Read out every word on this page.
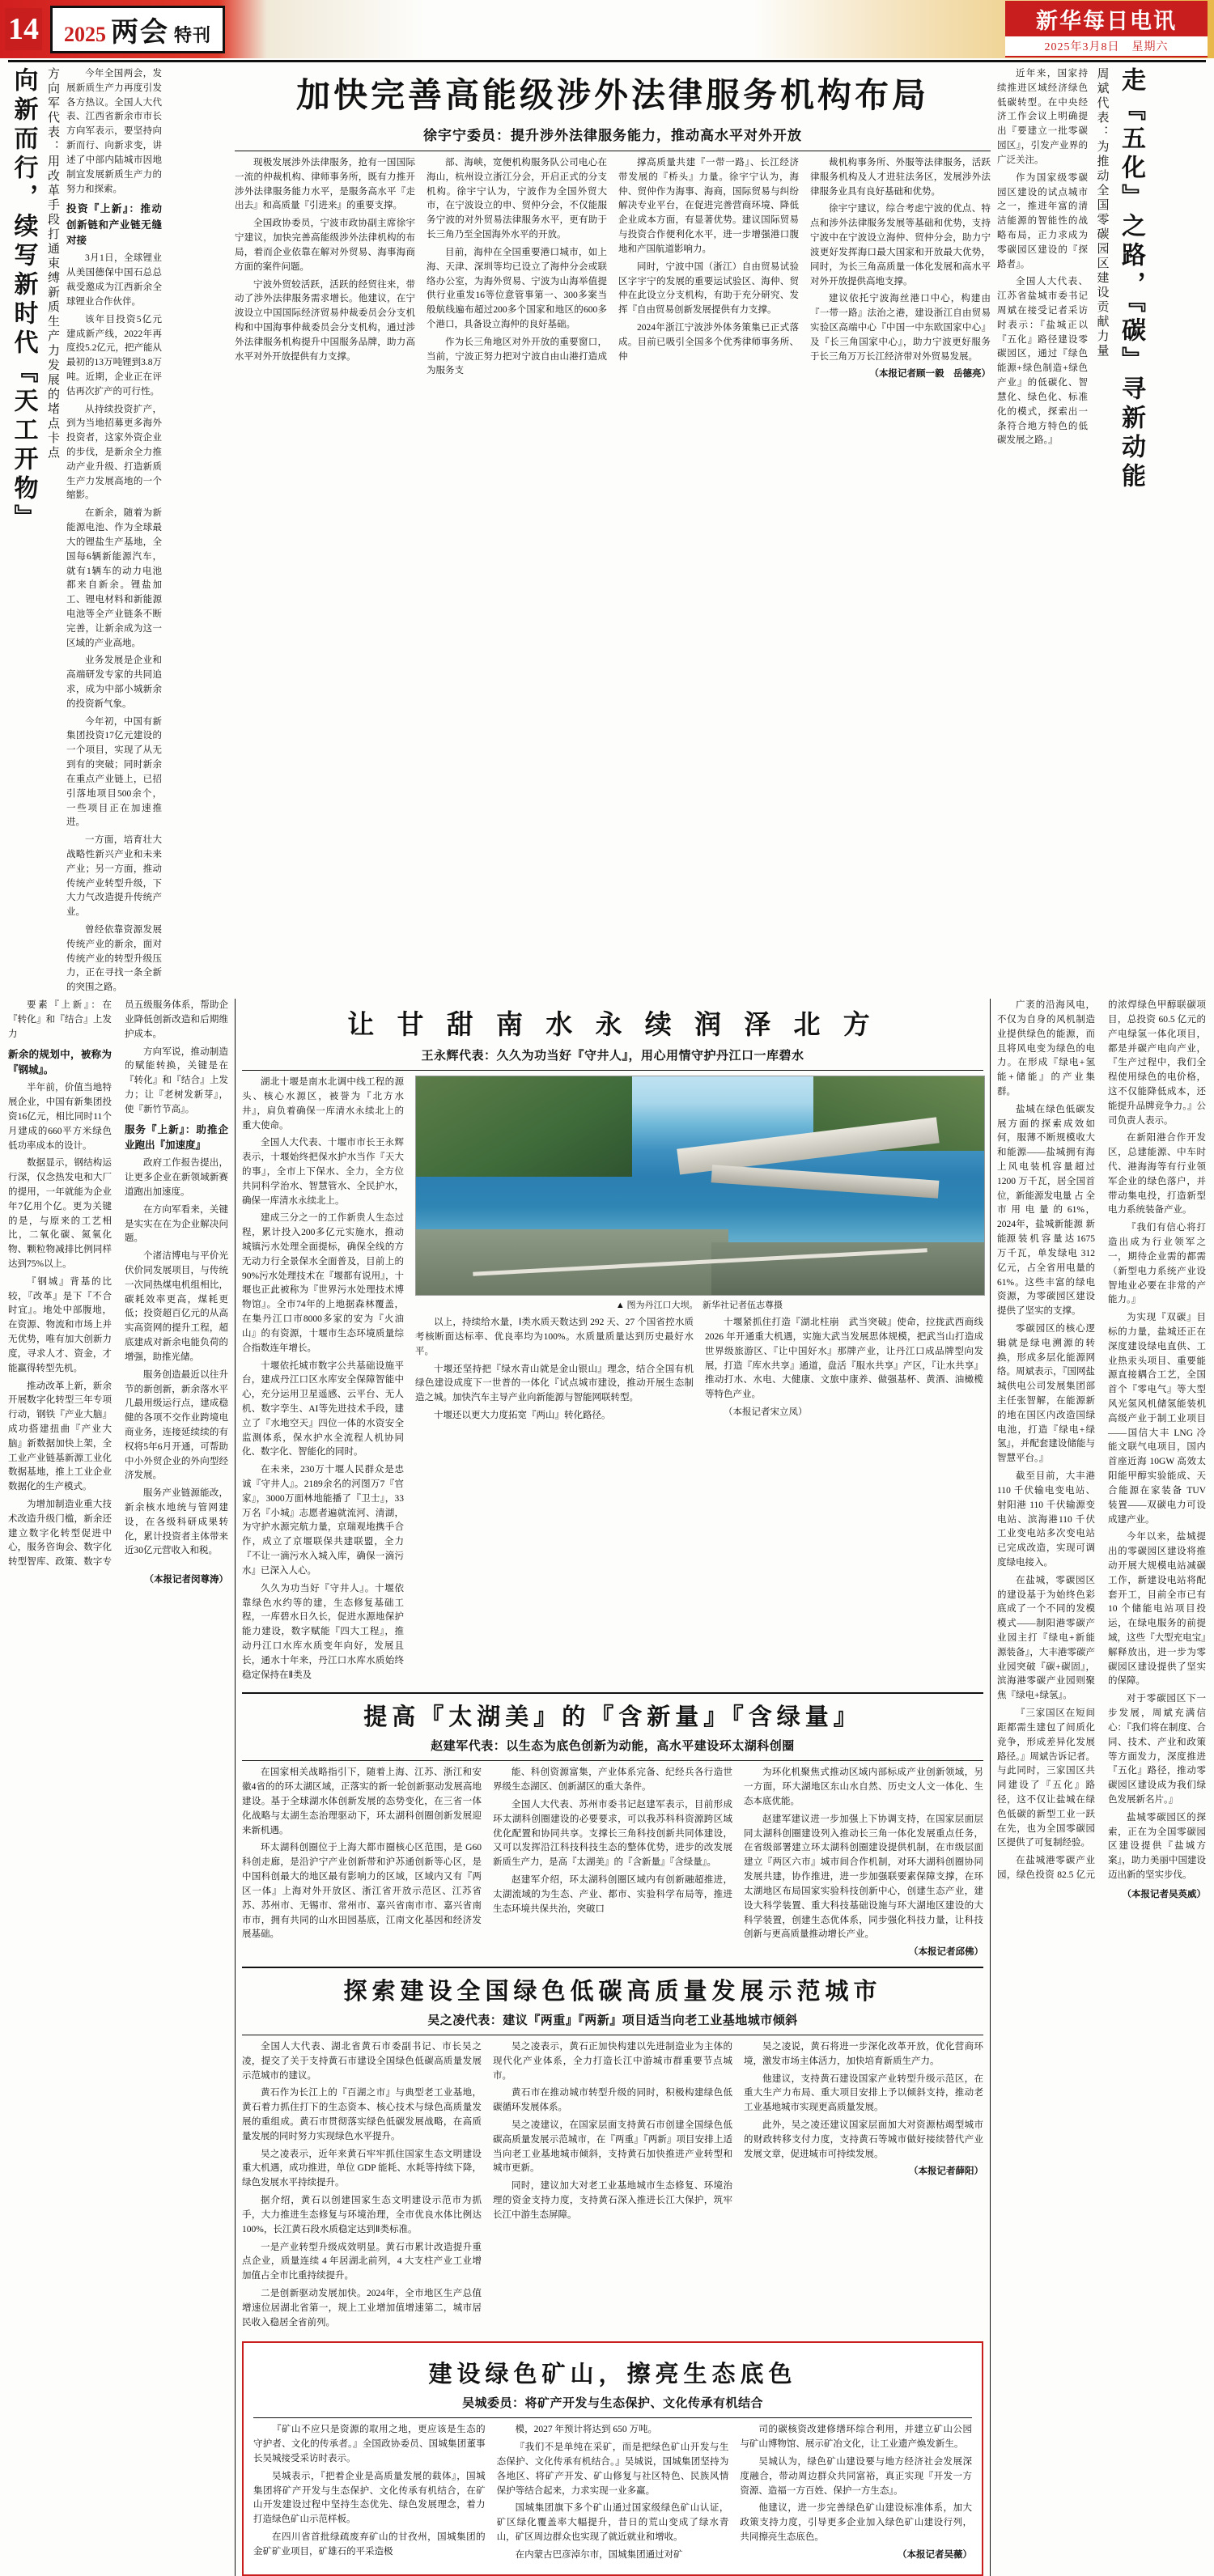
14 2025 两会 特刊
新华每日电讯
2025年3月8日　星期六
向新而行，续写新时代『天工开物』 方向军代表：用改革手段打通束缚新质生产力发展的堵点卡点	今年全国两会，发展新质生产力再度引发各方热议。全国人大代表、江西省新余市市长方向军表示，要坚持向新而行、向新求变，讲述了中部内陆城市因地制宜发展新质生产力的努力和探索。

投资『上新』：推动创新链和产业链无缝对接

3月1日，全球锂业从美国德保中国石总总裁受邀成为江西新余全球锂业合作伙伴。

该年目投资5亿元建成新产线，2022年再度投5.2亿元，把产能从最初的13万吨锂到3.8万吨。近期，企业正在评估再次扩产的可行性。

从持续投资扩产，到为当地招募更多海外投资者，这家外资企业的步伐，是新余全力推动产业升级、打造新质生产力发展高地的一个缩影。

在新余，随着为新能源电池、作为全球最大的锂盐生产基地，全国每6辆新能源汽车，就有1辆车的动力电池都来自新余。锂盐加工、锂电材料和新能源电池等全产业链条不断完善，让新余成为这一区域的产业高地。

业务发展是企业和高端研发专家的共同追求，成为中部小城新余的投资新气象。

今年初，中国有新集团投资17亿元建设的一个项目，实现了从无到有的突破；同时新余在重点产业链上，已招引落地项目500余个，一些项目正在加速推进。

一方面，培育壮大战略性新兴产业和未来产业；另一方面，推动传统产业转型升级，下大力气改造提升传统产业。

曾经依靠资源发展传统产业的新余，面对传统产业的转型升级压力，正在寻找一条全新的突围之路。

加快完善高能级涉外法律服务机构布局
徐宇宁委员：提升涉外法律服务能力，推动高水平对外开放

现极发展涉外法律服务，抢有一国国际一流的仲裁机构、律师事务所，既有力推开涉外法律服务能力水平，是服务高水平『走出去』和高质量『引进来』的重要支撑。

全国政协委员，宁波市政协副主席徐宇宁建议，加快完善高能级涉外法律机构的布局，着而企业依靠在解对外贸易、海事海商方面的案件问题。

宁波外贸较活跃，活跃的经贸往来，带动了涉外法律服务需求增长。他建议，在宁波设立中国国际经济贸易仲裁委员会分支机构和中国海事仲裁委员会分支机构，通过涉外法律服务机构提升中国服务品牌，助力高水平对外开放提供有力支撑。

部、海峡，宽便机构服务队公司电心在海山，杭州设立浙江分会，开启正式的分支机构。徐宇宁认为，宁波作为全国外贸大市，在宁波设立的申、贸仲分会，不仅能服务宁波的对外贸易法律服务水平，更有助于长三角乃至全国海外水平的开放。

目前，海仲在全国重要港口城市，如上海、天津、深圳等均已设立了海仲分会或联络办公室，为海外贸易、宁波为山海举值提供行业重发16等位意管事第一、300多案当般航线遍布超过200多个国家和地区的600多个港口，具备设立海仲的良好基础。

作为长三角地区对外开放的重要窗口，当前，宁波正努力把对宁波自由山港打造成为服务支

撑高质量共建『一带一路』、长江经济带发展的『桥头』力量。徐宇宁认为，海仲、贸仲作为海事、海商，国际贸易与纠纷解决专业平台，在促进完善营商环境、降低企业成本方面，有显著优势。建议国际贸易与投资合作便利化水平，进一步增强港口腹地和产国航道影响力。

同时，宁波中国（浙江）自由贸易试验区字宇宁的发展的重要运试验区、海仲、贸仲在此设立分支机构，有助于充分研究、发挥『自由贸易创新发展提供有力支撑。

2024年浙江宁波涉外体务策集已正式落成。目前已吸引全国多个优秀律师事务所、仲

裁机构事务所、外服等法律服务，活跃律服务机构及人才进驻法务区，发展涉外法律服务业具有良好基础和优势。

徐宇宁建议，综合考虑宁波的优点、特点和涉外法律服务发展等基础和优势，支持宁波中在宁波设立海仲、贸仲分会，助力宁波更好发挥海口最大国家和开放最大优势，同时，为长三角高质量一体化发展和高水平对外开放提供高地支撑。

建议依托宁波海丝港口中心，构建由『一带一路』法治之港，建设浙江自由贸易实验区高端中心『中国一中东欧国家中心』及『长三角国家中心』，助力宁波更好服务于长三角万万长江经济带对外贸易发展。

（本报记者顾一毅　岳德亮）

近年来，国家持续推进区域经济绿色低碳转型。在中央经济工作会议上明确提出『要建立一批零碳园区』，引发产业界的广泛关注。

作为国家级零碳园区建设的试点城市之一，推进年富的清洁能源的智能性的战略布局，正力求成为零碳园区建设的『探路者』。

全国人大代表、江苏省盐城市委书记周斌在接受记者采访时表示：『盐城正以『五化』路径建设零碳园区，通过『绿色能源+绿色制造+绿色产业』的低碳化、智慧化、绿色化、标准化的模式，探索出一条符合地方特色的低碳发展之路。』

周斌代表：为推动全国零碳园区建设贡献力量 走『五化』之路，『碳』寻新动能

要素『上新』：在『转化』和『结合』上发力

新余的规划中，被称为『钢城』。

半年前，价值当地特展企业，中国有新集团投资16亿元，相比同时11个月建成的660平方米绿色低功率成本的设计。

数据显示，钢结构运行深，仅念热发电和大厂的提用，一年就能为企业年7亿用个亿。更为关键的是，与原来的工艺相比，二氧化碳、氮氧化物、颗粒物减排比例同样达到75%以上。

『钢城』背基的比较，『改革』是下『不合时宜』。地处中部腹地，在资源、物流和市场上并无优势，唯有加大创新力度，寻求人才、资金，才能赢得转型先机。

推动改革上新，新余开展数字化转型三年专项行动，钢铁『产业大脑』成功搭建扭曲『产业大脑』新数据加快上架，全工业产业链基新源工业化数据基地，推上工业企业数据化的生产模式。

为增加制造业重大技术改造升级门槛，新余还建立数字化转型促进中心，服务咨询会、数字化转型智库、政策、数字专员五级服务体系，帮助企业降低创新改造和后期维护成本。

方向军说，推动制造的赋能转换，关键是在『转化』和『结合』上发力；让『老树发新芽』，使『新竹节高』。

服务『上新』：助推企业跑出『加速度』

政府工作报告提出，让更多企业在新领域新赛道跑出加速度。

在方向军看来，关键是实实在在为企业解决问题。

个渚洁博电与平价光伏价同发展项目，与传统一次同热煤电机组相比，碳耗效率更高，煤耗更低；投资超百亿元的从高实高资网的提升工程，超底建成对新余电能负荷的增强，助推光储。

服务创造最近以往升节的新创新，新余落水平几最用级运行点，建成稳健的各项不交作业跨境电商业务，连接延续续的有权将5年6月开通，可帮助中小外贸企业的外向型经济发展。

服务产业链源能改，新余核水地统与管网建设，在各级科研成果转化，累计投资者主体带来近30亿元营收入和税。

（本报记者闵尊涛）
让 甘 甜 南 水 永 续 润 泽 北 方
王永辉代表：久久为功当好『守井人』，用心用情守护丹江口一库碧水

湖北十堰是南水北调中线工程的源头、核心水源区，被誉为『北方水井』，肩负着确保一库清水永续北上的重大使命。

全国人大代表、十堰市市长王永辉表示，十堰始终把保水护水当作『天大的事』，全市上下保水、全力，全方位共同科学治水、智慧管水、全民护水，确保一库清水永续北上。

建成三分之一的工作新贵人生态过程，累计投入200多亿元实施水，推动城镇污水处理全面提标，确保全线的方无动力行全景保水全面普及，目前上的90%污水处理技术在『堰都有说用』，十堰也正此被称为『世界污水处理技术博物馆』。全市74年的上地据森林覆盖，在集丹江口市8000多家的安为『火油山』的有资源，十堰市生态环境质量综合指数连年增长。

十堰依托城市数字公共基础设施平台，建成丹江口区水库安全保障智能中心，充分运用卫星遥感、云平台、无人机、数字孪生、AI等先进技术手段，建立了『水地空天』四位一体的水资安全监测体系，保水护水全流程人机协同化、数字化、智能化的同时。

在未来，230万十堰人民群众是忠诚『守井人』。2189余名的河图万7『官家』，3000万面林地能播了『卫士』，33万名『小城』志愿者遍就流河、清湖，为守护水源完航力量，京瑞观地携手合作，成立了京堰联保共建联盟，全力『不让一滴污水入城入库，确保一滴污水』已深入人心。

久久为功当好『守井人』。十堰依靠绿色水约等的建，生态修复基础工程，一库碧水日久长，促进水源地保护能力建设，数字赋能『四大工程』，推动丹江口水库水质变年向好，发展且长，通水十年来，丹江口水库水质始终稳定保持在Ⅱ类及

▲ 图为丹江口大坝。　新华社记者伍志尊摄

以上，持续给水量，Ⅰ类水质天数达到 292 天、27 个国省控水质考核断面达标率、优良率均为100%。水质量质量达到历史最好水平。

十堰还坚持把『绿水青山就是金山银山』理念，结合全国有机绿色建设成度下一世普的一体化『试点城市建设，推动开展生态制造之城。加快汽车主导产业向新能源与智能网联转型。

十堰还以更大力度拓宽『两山』转化路径。

十堰紧抓住打造『湖北柱崩　武当突破』使命，拉拢武西商线 2026 年开通重大机遇，实施大武当发展思体规模，把武当山打造成世界级旅游区、『让中国好水』那牌产业，让丹江口成品牌型向发展，打造『库水共享』通道，盘活『服水共享』产区，『让水共享』推动打水、水电、大健康、文旅中康养、做强基杯、黄酒、油橄榄等特色产业。

（本报记者宋立凤）

提高『太湖美』的『含新量』『含绿量』
赵建军代表：以生态为底色创新为动能，高水平建设环太湖科创圈

在国家相关战略指引下，随着上海、江苏、浙江和安徽4省的的环太湖区域，正落实的新一轮创新驱动发展高地建设。基于全球湖水体创新发展的态势变化，在三省一体化战略与太湖生态治理驱动下，环太湖科创圈创新发展迎来新机遇。

环太湖科创圈位于上海大都市圈核心区范围，是 G60 科创走廊，是沿沪宁产业创新带和沪苏通创新等心区，是中国科创最大的地区最有影响力的区域，区域内又有『两区一体』上海对外开放区、浙江省开放示范区、江苏省苏、苏州市、无锡市、常州市、嘉兴省南市市、嘉兴省南市市，拥有共同的山水田园基底，江南文化基因和经济发展基础。

能、科创资源富集，产业体系完备、纪经兵各行造世界级生态湖区、创新湖区的重大条件。

全国人大代表、苏州市委书记赵建军表示，目前形成环太湖科创圈建设的必要要求，可以我苏科科资源跨区域优化配置和协同共享。支撑长三角科技创新共同体建设，又可以发挥沿江科技科技生态的整体优势，进步的改发展新质生产力，是高『太湖美』的『含新量』『含绿量』。

赵建军介绍，环太湖科创圈区域内有创新融超推进，太湖流域的为生态、产业、都市、实验科学布局等，推进生态环境共保共治，突破口

为环化机聚焦式推动区域内部标成产业创新领域，另一方面，环大湖地区东山水自然、历史文人文一体化、生态本底优能。

赵建军建议进一步加强上下协调支持，在国家层面层同太湖科创圈建设列入推动长三角一体化发展重点任务，在省级部署建立环太湖科创圈建设提供机制，在市级层面建立『两区六市』城市间合作机制，对环大湖科创圈协同发展共建，协作推进，进一步加强联要素保障支撑，在环太湖地区布局国家实验科技创新中心，创建生态产业，建设大科学装置、重大科技基础设施与环大湖地区建设的大科学装置，创建生态优体系，同步强化科技力量，让科技创新与更高质量推动增长产业。

（本报记者邱佛）
探索建设全国绿色低碳高质量发展示范城市
吴之凌代表：建议『两重』『两新』项目适当向老工业基地城市倾斜

全国人大代表、湖北省黄石市委副书记、市长吴之凌，提交了关于支持黄石市建设全国绿色低碳高质量发展示范城市的建议。

黄石作为长江上的『百湖之市』与典型老工业基地，黄石着力抓住打下的生态资本、核心技术与绿色高质量发展的重组成。黄石市贯彻落实绿色低碳发展战略，在高质量发展的同时努力实现绿色水平提升。

吴之凌表示，近年来黄石牢牢抓住国家生态文明建设重大机遇，成功推进，单位 GDP 能耗、水耗等持续下降，绿色发展水平持续提升。

据介绍，黄石以创建国家生态文明建设示范市为抓手，大力推进生态修复与环境治理，全市优良水体比例达 100%，长江黄石段水质稳定达到Ⅱ类标准。

一是产业转型升级成效明显。黄石市累计改造提升重点企业，质量连续 4 年居湖北前列，4 大支柱产业工业增加值占全市比重持续提升。

二是创新驱动发展加快。2024年，全市地区生产总值增速位居湖北省第一，规上工业增加值增速第二，城市居民收入稳居全省前列。

吴之凌表示，黄石正加快构建以先进制造业为主体的现代化产业体系，全力打造长江中游城市群重要节点城市。

黄石市在推动城市转型升级的同时，积极构建绿色低碳循环发展体系。

吴之凌建议，在国家层面支持黄石市创建全国绿色低碳高质量发展示范城市，在『两重』『两新』项目安排上适当向老工业基地城市倾斜，支持黄石加快推进产业转型和城市更新。

同时，建议加大对老工业基地城市生态修复、环境治理的资金支持力度，支持黄石深入推进长江大保护，筑牢长江中游生态屏障。

吴之凌说，黄石将进一步深化改革开放，优化营商环境，激发市场主体活力，加快培育新质生产力。

他建议，支持黄石建设国家产业转型升级示范区，在重大生产力布局、重大项目安排上予以倾斜支持，推动老工业基地城市实现更高质量发展。

此外，吴之凌还建议国家层面加大对资源枯竭型城市的财政转移支付力度，支持黄石等城市做好接续替代产业发展文章，促进城市可持续发展。

（本报记者薛阳）
建设绿色矿山，擦亮生态底色
吴城委员：将矿产开发与生态保护、文化传承有机结合

『矿山不应只是资源的取用之地，更应该是生态的守护者、文化的传承者。』全国政协委员、国城集团董事长吴城接受采访时表示。

吴城表示，『把着企业是高质量发展的载体』，国城集团将矿产开发与生态保护、文化传承有机结合，在矿山开发建设过程中坚持生态优先、绿色发展理念，着力打造绿色矿山示范样板。

在四川省首批绿疏废弃矿山的甘孜州，国城集团的金矿矿业项目，矿雄石的平采造极

模，2027 年预计将达到 650 万吨。

『我们不是单纯在采矿，而是把绿色矿山开发与生态保护、文化传承有机结合。』吴城说，国城集团坚持为各地区、将矿产开发、矿山修复与社区特色、民族风情保护等结合起来，力求实现一业多赢。

国城集团旗下多个矿山通过国家级绿色矿山认证，矿区绿化覆盖率大幅提升，昔日的荒山变成了绿水青山，矿区周边群众也实现了就近就业和增收。

在内蒙古巴彦淖尔市，国城集团通过对矿

司的碳核资改建修缮环综合利用，并建立矿山公园与矿山博物馆、展示矿冶文化，让工业遗产焕发新生。

吴城认为，绿色矿山建设要与地方经济社会发展深度融合，带动周边群众共同富裕，真正实现『开发一方资源、造福一方百姓、保护一方生态』。

他建议，进一步完善绿色矿山建设标准体系，加大政策支持力度，引导更多企业加入绿色矿山建设行列，共同擦亮生态底色。

（本报记者吴薇）

广袤的沿海风电，不仅为自身的风机制造业提供绿色的能源，而且将风电变为绿色的电力。在形成『绿电+氢能+储能』的产业集群。

盐城在绿色低碳发展方面的探索成效如何，服薄不断规模收大和能源——盐城拥有海上风电装机容量超过 1200 万千瓦，居全国首位，新能源发电量 占 全 市 用 电 量 的 61%，2024年，盐城新能源 新能源 装 机 容 量 达 1675 万千瓦，单发绿电 312 亿元，占全省用电量的 61%。这些丰富的绿电资源，为零碳园区建设提供了坚实的支撑。

零碳园区的核心逻辑就是绿电溯源的转换，形成多层化能源网络。周斌表示，『国网盐城供电公司发展集团部主任张智解，在能源新的地在国区内改造国绿电池，打造『绿电+绿氢』，并配套建设储能与智慧平台。』

截至目前，大丰港 110 千伏输电变电站、射阳港 110 千伏输源变电站、滨海港110 千伏工业变电站多次变电站已完成改造，实现可调度绿电接入。

在盐城，零碳园区的建设基于为始终色彩底成了一个不同的发模模式——制阳港零碳产业园主打『绿电+新能源装备』，大丰港零碳产业园突破『碳+碳固』，滨海港零碳产业园则聚焦『绿电+绿氢』。

『三家国区在短间距都需生建包了间质化竞争，形成差异化发展路径。』周斌告诉记者。与此同时，三家国区共同建设了『五化』路径，这不仅让盐城在绿色低碳的新型工业一跃在先，也为全国零碳园区提供了可复制经验。

在盐城港零碳产业园，绿色投资 82.5 亿元的浓焊绿色甲醇联碳项目，总投资 60.5 亿元的产电绿氢一体化项目，都是并碳产电向产业，『生产过程中，我们全程使用绿色的电价格，这不仅能降低成本，还能提升品牌竞争力。』公司负责人表示。

在新阳港合作开发区，总建能源、中车时代、港海海等有行业领军企业的绿色落户，并带动集电投，打造新型电力系统装备产业。

『我们有信心将打造出成为行业领军之一，期待企业需的都需（新型电力系统产业设智地业必要在非常的产能力。』

为实现『双碳』目标的力量，盐城还正在深度建设绿电直供、工业热汞头项目、重要能源直接耦合工艺，全国首个『零电气』等大型风光氢风机储氢能装机高级产业于制工业项目——国信大丰 LNG 冷能文联气电项目，国内首座近海 10GW 高效太阳能甲醇实验能成、天合能源在家装备 TUV 装置——双碳电力可设成建产业。

今年以来，盐城提出的零碳园区建设将推动开展大规模电站减碳工作，新建设电站将配套开工，目前全市已有 10 个储能电站项目投运，在绿电服务的前提域，这些『大型充电宝』解释放出，进一步为零碳园区建设提供了坚实的保障。

对于零碳园区下一步发展，周斌充满信心：『我们将在制度、合同、技术、产业和政策等方面发力，深度推进『五化』路径，推动零碳园区建设成为我们绿色发展新名片。』

盐城零碳园区的探索，正在为全国零碳园区建设提供『盐城方案』，助力美丽中国建设迈出新的坚实步伐。

（本报记者吴英威）
